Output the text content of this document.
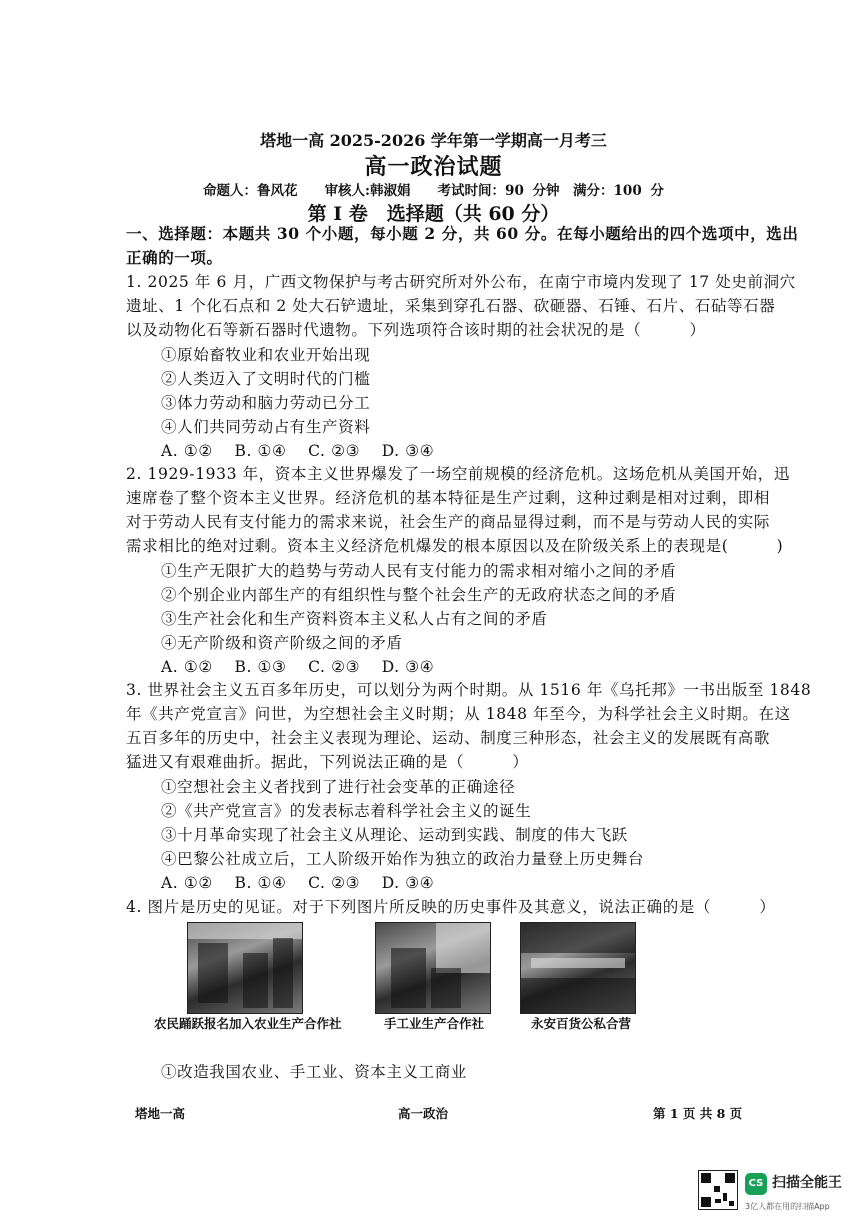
塔地一高 2025-2026 学年第一学期高一月考三
高一政治试题
命题人：鲁风花　　审核人:韩淑娟　　考试时间：90 分钟　满分：100 分
第 Ⅰ 卷　选择题（共 60 分）
一、选择题：本题共 30 个小题，每小题 2 分，共 60 分。在每小题给出的四个选项中，选出
正确的一项。
1. 2025 年 6 月，广西文物保护与考古研究所对外公布，在南宁市境内发现了 17 处史前洞穴
遗址、1 个化石点和 2 处大石铲遗址，采集到穿孔石器、砍砸器、石锤、石片、石砧等石器
以及动物化石等新石器时代遗物。下列选项符合该时期的社会状况的是（　　　）
①原始畜牧业和农业开始出现
②人类迈入了文明时代的门槛
③体力劳动和脑力劳动已分工
④人们共同劳动占有生产资料
A. ①②　 B. ①④　 C. ②③　 D. ③④
2. 1929-1933 年，资本主义世界爆发了一场空前规模的经济危机。这场危机从美国开始，迅
速席卷了整个资本主义世界。经济危机的基本特征是生产过剩，这种过剩是相对过剩，即相
对于劳动人民有支付能力的需求来说，社会生产的商品显得过剩，而不是与劳动人民的实际
需求相比的绝对过剩。资本主义经济危机爆发的根本原因以及在阶级关系上的表现是(　　　)
①生产无限扩大的趋势与劳动人民有支付能力的需求相对缩小之间的矛盾
②个别企业内部生产的有组织性与整个社会生产的无政府状态之间的矛盾
③生产社会化和生产资料资本主义私人占有之间的矛盾
④无产阶级和资产阶级之间的矛盾
A. ①②　 B. ①③　 C. ②③　 D. ③④
3. 世界社会主义五百多年历史，可以划分为两个时期。从 1516 年《乌托邦》一书出版至 1848
年《共产党宣言》问世，为空想社会主义时期；从 1848 年至今，为科学社会主义时期。在这
五百多年的历史中，社会主义表现为理论、运动、制度三种形态，社会主义的发展既有高歌
猛进又有艰难曲折。据此，下列说法正确的是（　　　）
①空想社会主义者找到了进行社会变革的正确途径
②《共产党宣言》的发表标志着科学社会主义的诞生
③十月革命实现了社会主义从理论、运动到实践、制度的伟大飞跃
④巴黎公社成立后，工人阶级开始作为独立的政治力量登上历史舞台
A. ①②　 B. ①④　 C. ②③　 D. ③④
4. 图片是历史的见证。对于下列图片所反映的历史事件及其意义，说法正确的是（　　　）
农民踊跃报名加入农业生产合作社	手工业生产合作社	永安百货公私合营
①改造我国农业、手工业、资本主义工商业
塔地一高	高一政治	第 1 页 共 8 页
CS 扫描全能王
3亿人都在用的扫描App
